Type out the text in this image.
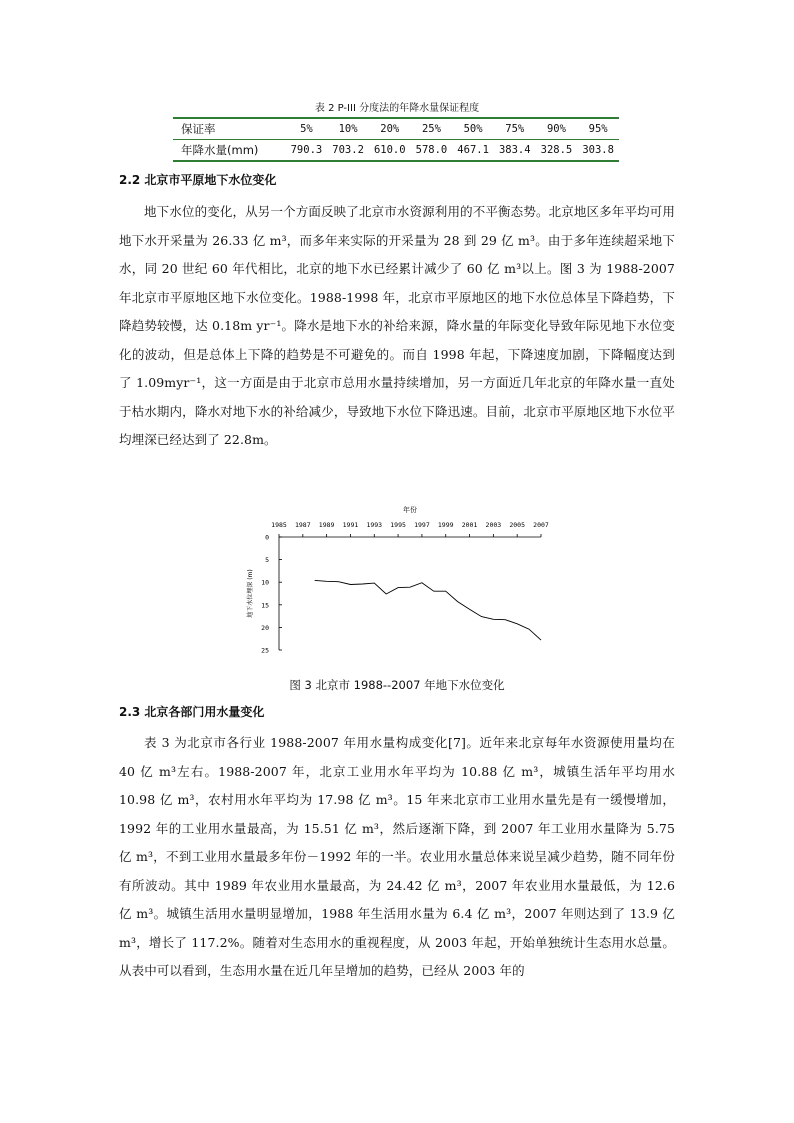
表 2 P-III 分度法的年降水量保证程度
保证率	5%	10%	20%	25%	50%	75%	90%	95%
年降水量(mm)	790.3	703.2	610.0	578.0	467.1	383.4	328.5	303.8
2.2 北京市平原地下水位变化

地下水位的变化，从另一个方面反映了北京市水资源利用的不平衡态势。北京地区多年平均可用地下水开采量为 26.33 亿 m³，而多年来实际的开采量为 28 到 29 亿 m³。由于多年连续超采地下水，同 20 世纪 60 年代相比，北京的地下水已经累计减少了 60 亿 m³以上。图 3 为 1988-2007 年北京市平原地区地下水位变化。1988-1998 年，北京市平原地区的地下水位总体呈下降趋势，下降趋势较慢，达 0.18m yr⁻¹。降水是地下水的补给来源，降水量的年际变化导致年际见地下水位变化的波动，但是总体上下降的趋势是不可避免的。而自 1998 年起，下降速度加剧，下降幅度达到了 1.09myr⁻¹，这一方面是由于北京市总用水量持续增加，另一方面近几年北京的年降水量一直处于枯水期内，降水对地下水的补给减少，导致地下水位下降迅速。目前，北京市平原地区地下水位平均埋深已经达到了 22.8m。

年份
1985 1987 1989 1991 1993 1995 1997 1999 2001 2003 2005 2007
0
5
10
15
20
25
地下水位埋深 (m)
图 3 北京市 1988--2007 年地下水位变化
2.3 北京各部门用水量变化

表 3 为北京市各行业 1988-2007 年用水量构成变化[7]。近年来北京每年水资源使用量均在 40 亿 m³左右。1988-2007 年，北京工业用水年平均为 10.88 亿 m³，城镇生活年平均用水 10.98 亿 m³，农村用水年平均为 17.98 亿 m³。15 年来北京市工业用水量先是有一缓慢增加，1992 年的工业用水量最高，为 15.51 亿 m³，然后逐渐下降，到 2007 年工业用水量降为 5.75 亿 m³，不到工业用水量最多年份－1992 年的一半。农业用水量总体来说呈减少趋势，随不同年份有所波动。其中 1989 年农业用水量最高，为 24.42 亿 m³，2007 年农业用水量最低，为 12.6 亿 m³。城镇生活用水量明显增加，1988 年生活用水量为 6.4 亿 m³，2007 年则达到了 13.9 亿 m³，增长了 117.2%。随着对生态用水的重视程度，从 2003 年起，开始单独统计生态用水总量。从表中可以看到，生态用水量在近几年呈增加的趋势，已经从 2003 年的
